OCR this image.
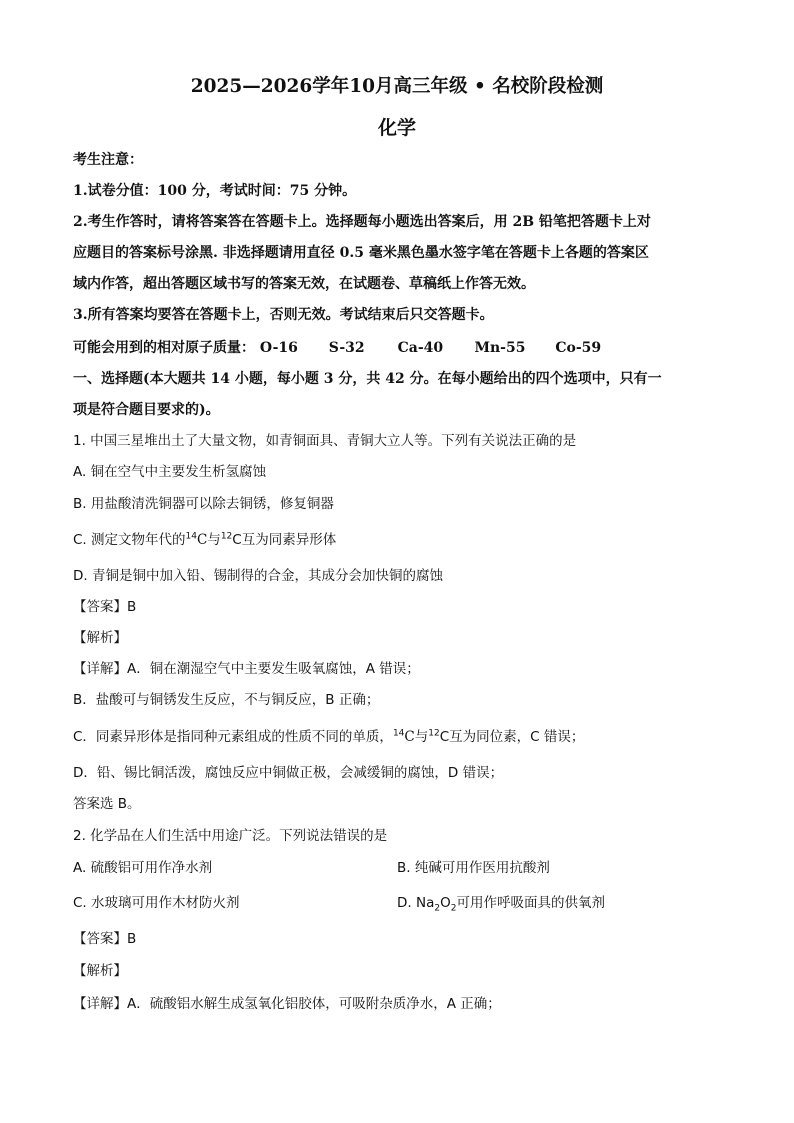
2025—2026学年10月高三年级 • 名校阶段检测
化学
考生注意：
1.试卷分值：100 分，考试时间：75 分钟。
2.考生作答时，请将答案答在答题卡上。选择题每小题选出答案后，用 2B 铅笔把答题卡上对
应题目的答案标号涂黑. 非选择题请用直径 0.5 毫米黑色墨水签字笔在答题卡上各题的答案区
域内作答，超出答题区域书写的答案无效，在试题卷、草稿纸上作答无效。
3.所有答案均要答在答题卡上，否则无效。考试结束后只交答题卡。
可能会用到的相对原子质量： O-16 S-32 Ca-40 Mn-55 Co-59
一、选择题(本大题共 14 小题，每小题 3 分，共 42 分。在每小题给出的四个选项中，只有一
项是符合题目要求的)。
1. 中国三星堆出土了大量文物，如青铜面具、青铜大立人等。下列有关说法正确的是
A. 铜在空气中主要发生析氢腐蚀
B. 用盐酸清洗铜器可以除去铜锈，修复铜器
C. 测定文物年代的$^{14}$C与$^{12}$C互为同素异形体
D. 青铜是铜中加入铅、锡制得的合金，其成分会加快铜的腐蚀
【答案】B
【解析】
【详解】A．铜在潮湿空气中主要发生吸氧腐蚀，A 错误；
B．盐酸可与铜锈发生反应，不与铜反应，B 正确；
C．同素异形体是指同种元素组成的性质不同的单质，$^{14}$C与$^{12}$C互为同位素，C 错误；
D．铅、锡比铜活泼，腐蚀反应中铜做正极，会减缓铜的腐蚀，D 错误；
答案选 B。
2. 化学品在人们生活中用途广泛。下列说法错误的是
A. 硫酸铝可用作净水剂	B. 纯碱可用作医用抗酸剂
C. 水玻璃可用作木材防火剂	D. $Na_2O_2$可用作呼吸面具的供氧剂
【答案】B
【解析】
【详解】A．硫酸铝水解生成氢氧化铝胶体，可吸附杂质净水，A 正确；
